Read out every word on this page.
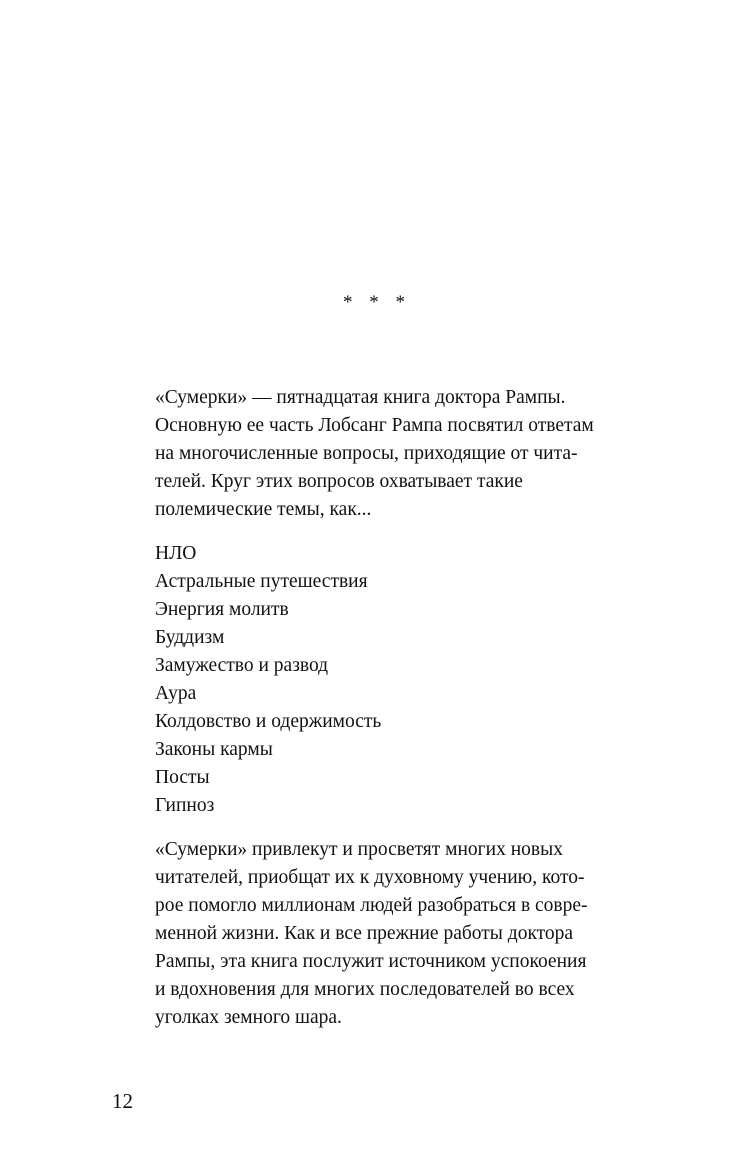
* * *

«Сумерки» — пятнадцатая книга доктора Рампы.
Основную ее часть Лобсанг Рампа посвятил ответам
на многочисленные вопросы, приходящие от чита-
телей. Круг этих вопросов охватывает такие
полемические темы, как...

НЛО
Астральные путешествия
Энергия молитв
Буддизм
Замужество и развод
Аура
Колдовство и одержимость
Законы кармы
Посты
Гипноз

«Сумерки» привлекут и просветят многих новых
читателей, приобщат их к духовному учению, кото-
рое помогло миллионам людей разобраться в совре-
менной жизни. Как и все прежние работы доктора
Рампы, эта книга послужит источником успокоения
и вдохновения для многих последователей во всех
уголках земного шара.

12
